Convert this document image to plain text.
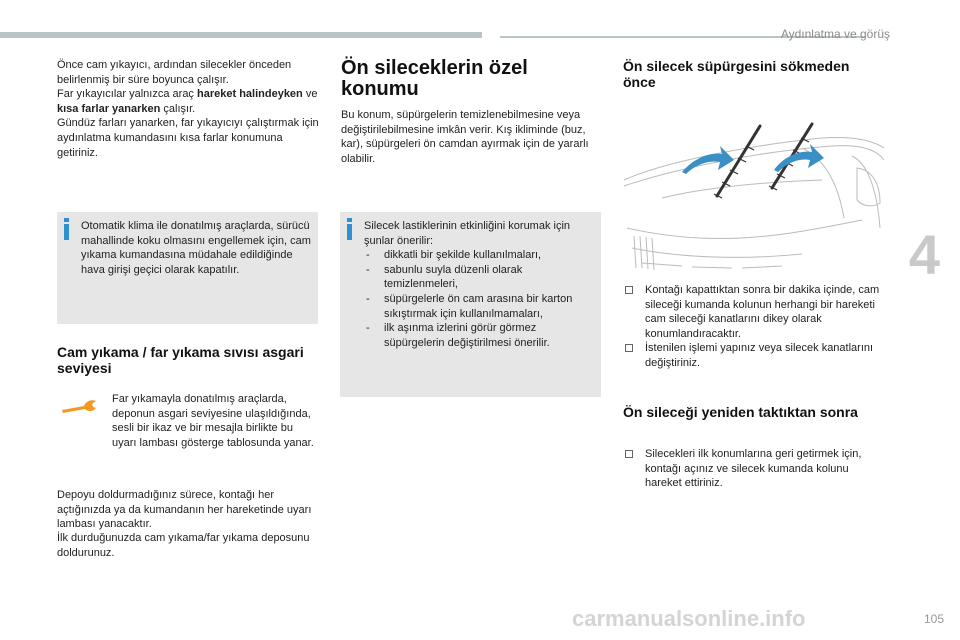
Aydınlatma ve görüş

Önce cam yıkayıcı, ardından silecekler önceden belirlenmiş bir süre boyunca çalışır.
Far yıkayıcılar yalnızca araç hareket halindeyken ve kısa farlar yanarken çalışır.
Gündüz farları yanarken, far yıkayıcıyı çalıştırmak için aydınlatma kumandasını kısa farlar konumuna getiriniz.

Otomatik klima ile donatılmış araçlarda, sürücü mahallinde koku olmasını engellemek için, cam yıkama kumandasına müdahale edildiğinde hava girişi geçici olarak kapatılır.

Cam yıkama / far yıkama sıvısı asgari seviyesi

Far yıkamayla donatılmış araçlarda, deponun asgari seviyesine ulaşıldığında, sesli bir ikaz ve bir mesajla birlikte bu uyarı lambası gösterge tablosunda yanar.

Depoyu doldurmadığınız sürece, kontağı her açtığınızda ya da kumandanın her hareketinde uyarı lambası yanacaktır.

İlk durduğunuzda cam yıkama/far yıkama deposunu doldurunuz.

Ön sileceklerin özel konumu

Bu konum, süpürgelerin temizlenebilmesine veya değiştirilebilmesine imkân verir. Kış ikliminde (buz, kar), süpürgeleri ön camdan ayırmak için de yararlı olabilir.

Silecek lastiklerinin etkinliğini korumak için şunlar önerilir:

- dikkatli bir şekilde kullanılmaları,
- sabunlu suyla düzenli olarak temizlenmeleri,
- süpürgelerle ön cam arasına bir karton sıkıştırmak için kullanılmamaları,
- ilk aşınma izlerini görür görmez süpürgelerin değiştirilmesi önerilir.
Ön silecek süpürgesini sökmeden önce
Kontağı kapattıktan sonra bir dakika içinde, cam sileceği kumanda kolunun herhangi bir hareketi cam sileceği kanatlarını dikey olarak konumlandıracaktır.
İstenilen işlemi yapınız veya silecek kanatlarını değiştiriniz.
Ön sileceği yeniden taktıktan sonra
Silecekleri ilk konumlarına geri getirmek için, kontağı açınız ve silecek kumanda kolunu hareket ettiriniz.
4
carmanualsonline.info	105
